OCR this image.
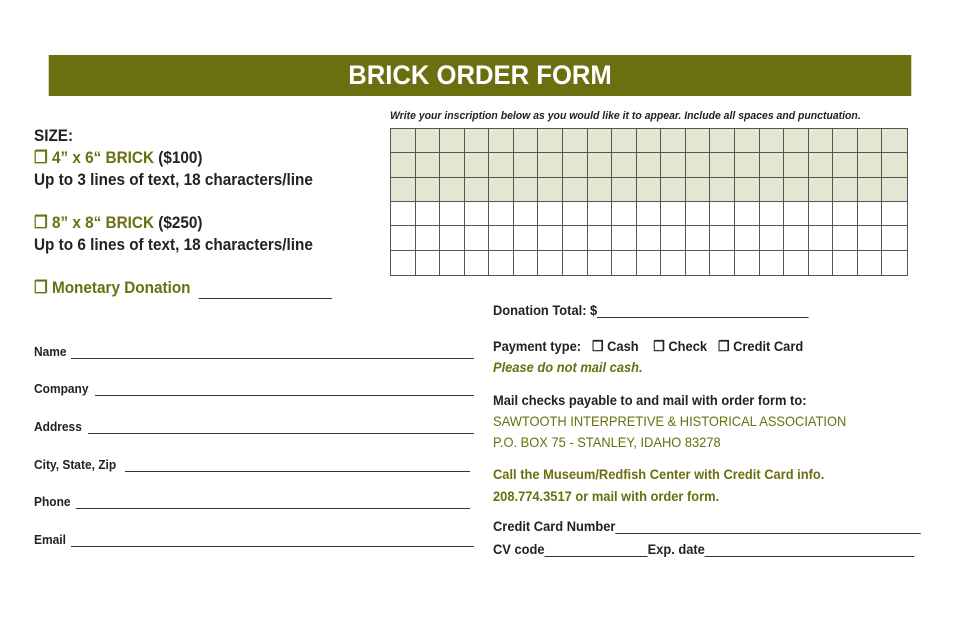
BRICK ORDER FORM
SIZE:
❒ 4” x 6“ BRICK ($100)
Up to 3 lines of text, 18 characters/line
❒ 8” x 8“ BRICK ($250)
Up to 6 lines of text, 18 characters/line
❒ Monetary Donation
Name
Company
Address
City, State, Zip
Phone
Email
Write your inscription below as you would like it to appear. Include all spaces and punctuation.
Donation Total: $
Payment type: ❒ Cash ❒ Check ❒ Credit Card
Please do not mail cash.
Mail checks payable to and mail with order form to:
SAWTOOTH INTERPRETIVE & HISTORICAL ASSOCIATION
P.O. BOX 75 - STANLEY, IDAHO 83278
Call the Museum/Redfish Center with Credit Card info.
208.774.3517 or mail with order form.
Credit Card Number
CV code	Exp. date
